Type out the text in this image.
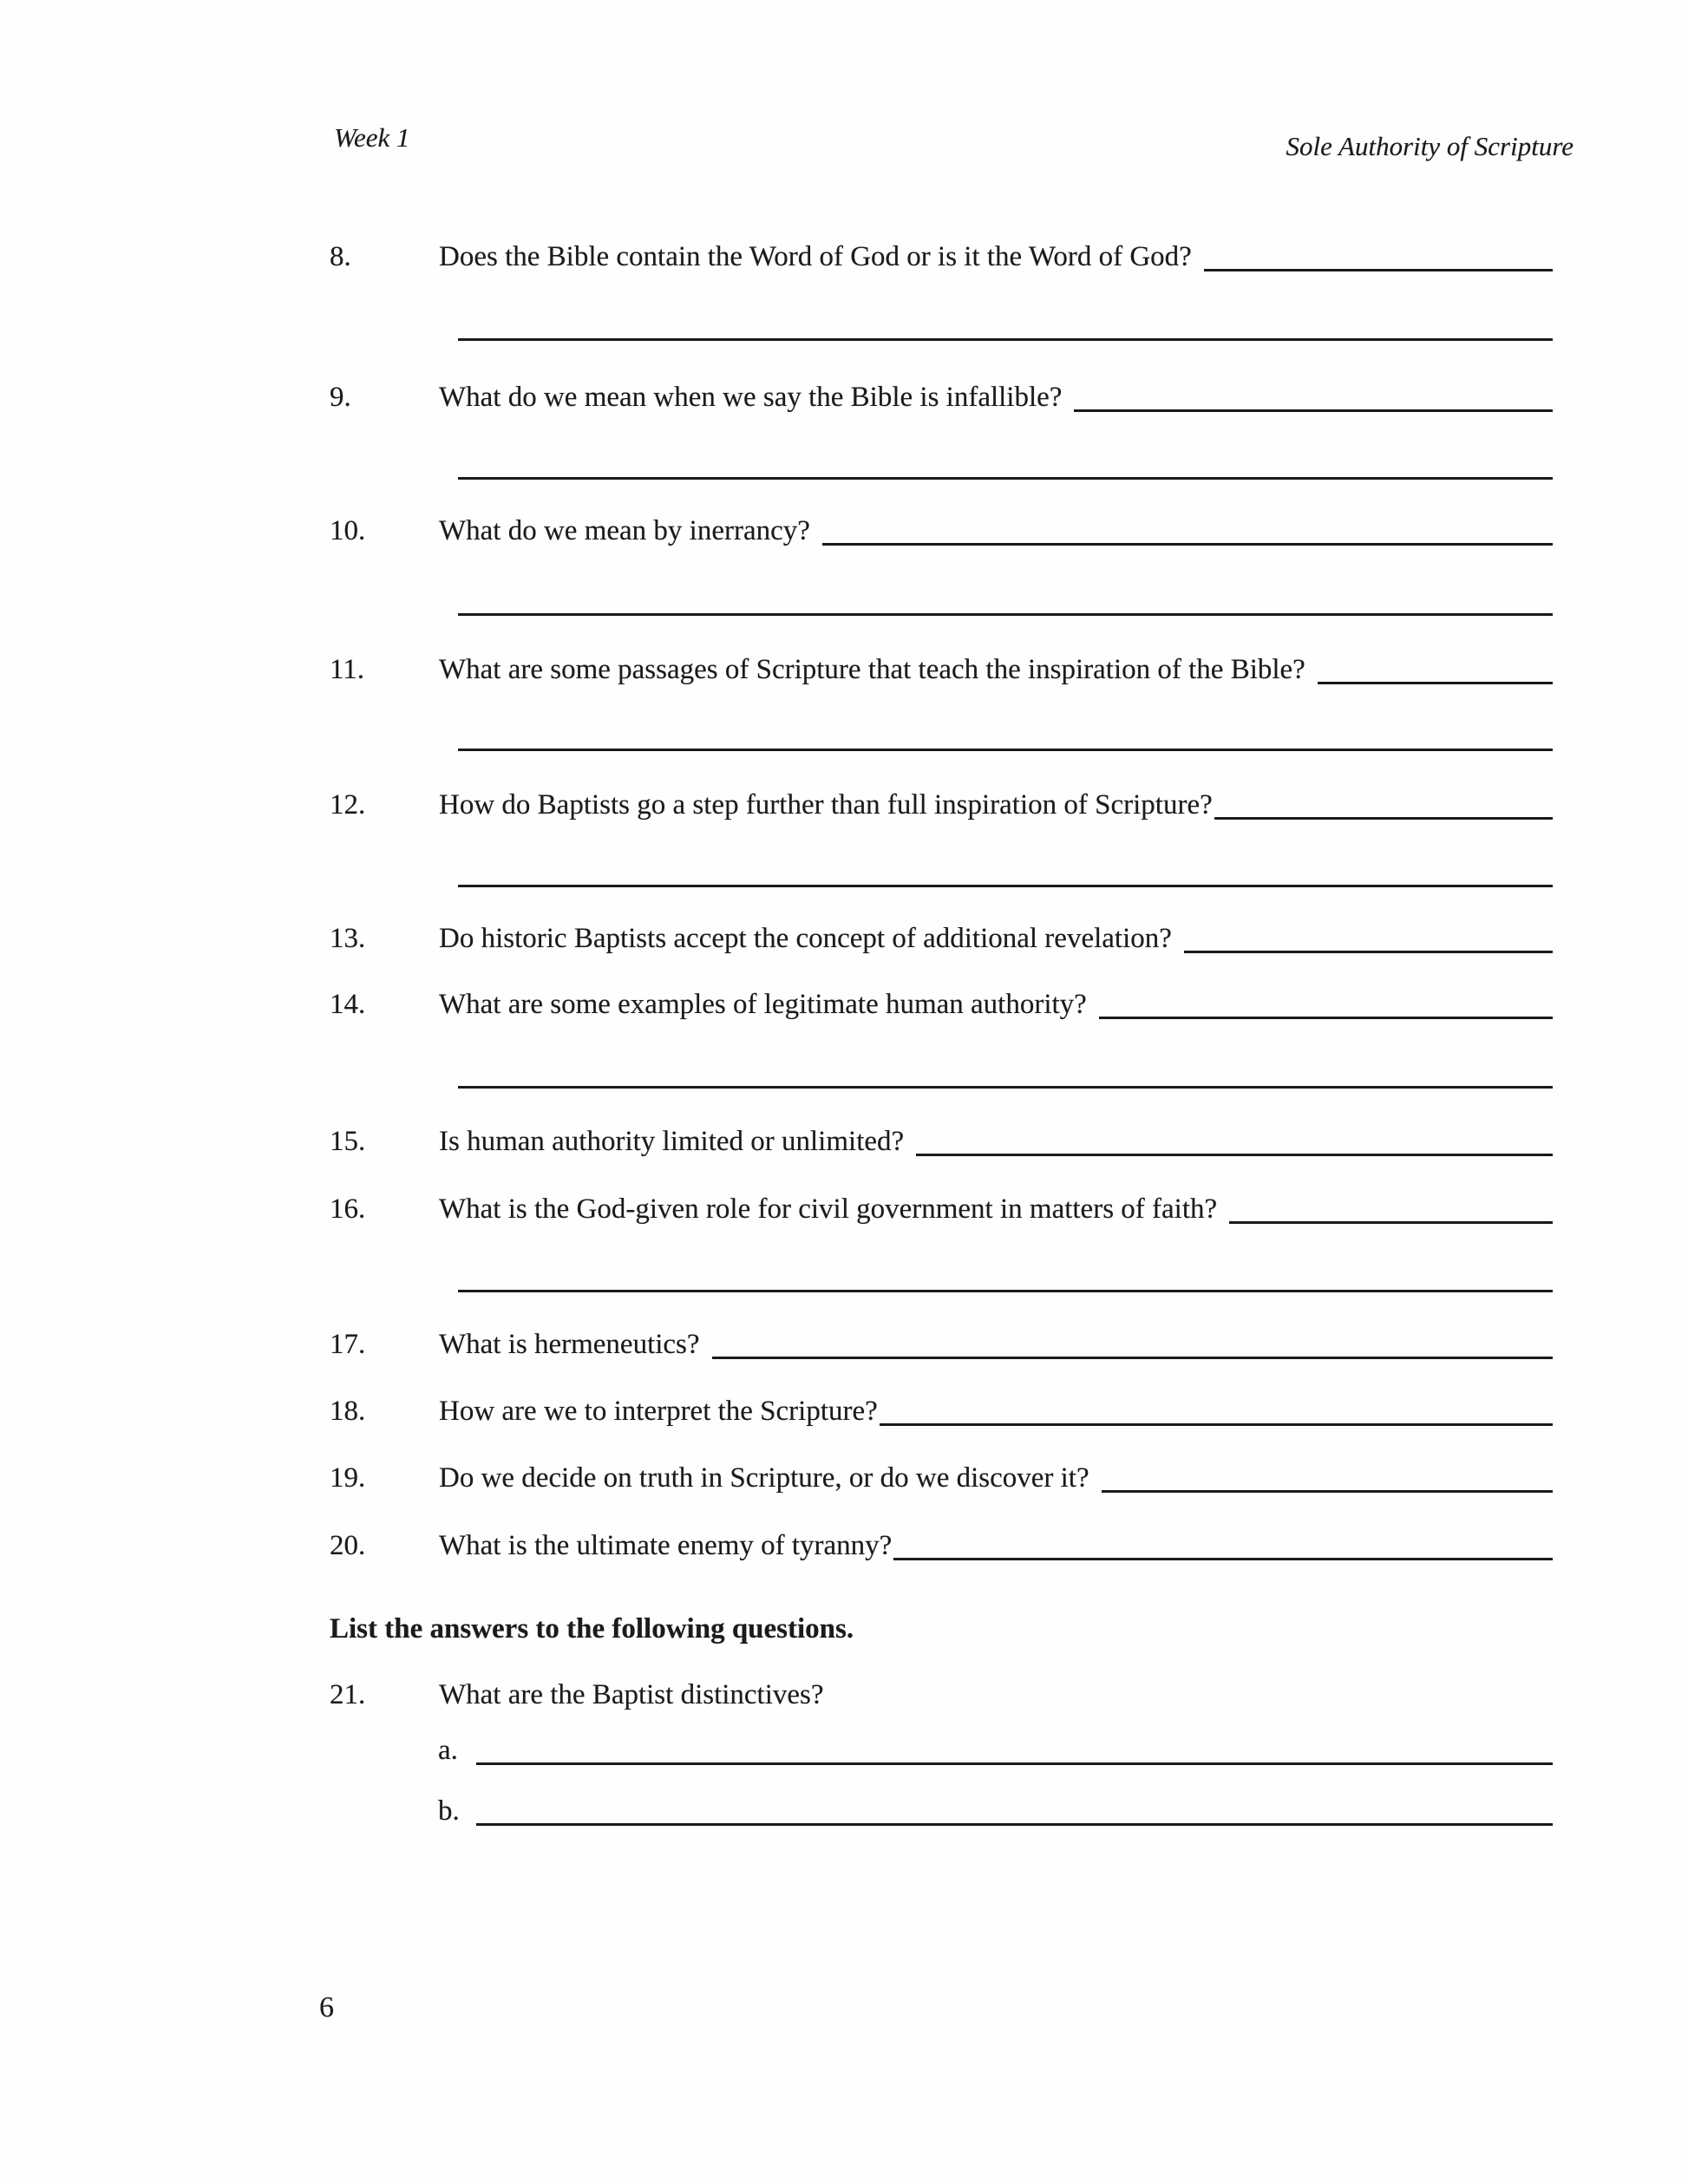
Week 1	Sole Authority of Scripture
8.	Does the Bible contain the Word of God or is it the Word of God?
9.	What do we mean when we say the Bible is infallible?
10.	What do we mean by inerrancy?
11.	What are some passages of Scripture that teach the inspiration of the Bible?
12.	How do Baptists go a step further than full inspiration of Scripture?
13.	Do historic Baptists accept the concept of additional revelation?
14.	What are some examples of legitimate human authority?
15.	Is human authority limited or unlimited?
16.	What is the God-given role for civil government in matters of faith?
17.	What is hermeneutics?
18.	How are we to interpret the Scripture?
19.	Do we decide on truth in Scripture, or do we discover it?
20.	What is the ultimate enemy of tyranny?
List the answers to the following questions.
21.	What are the Baptist distinctives?
a.
b.
6
